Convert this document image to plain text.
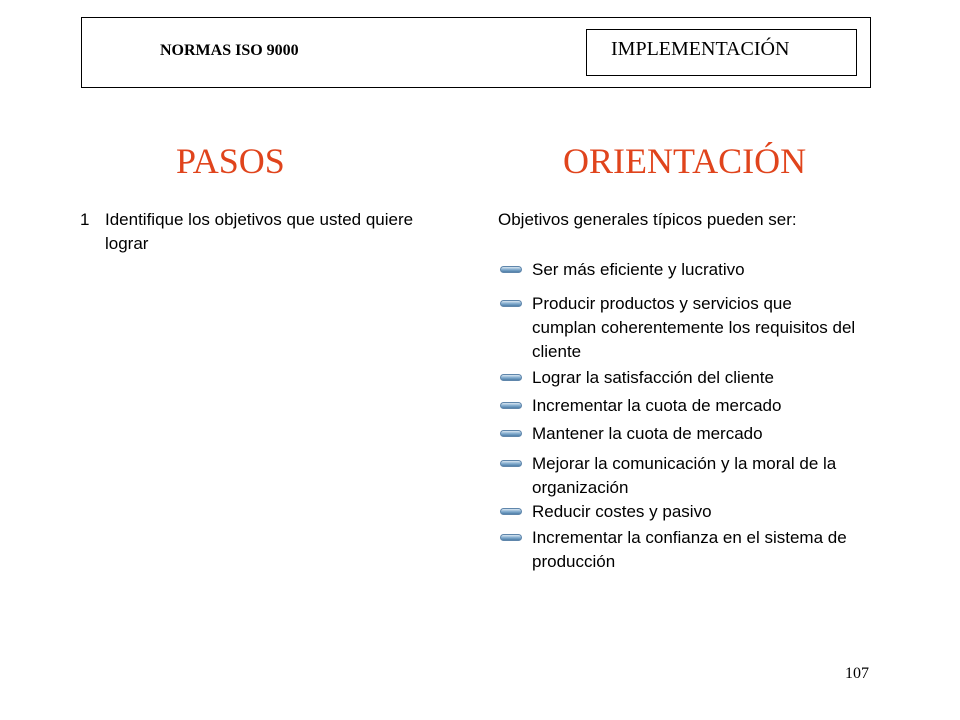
NORMAS ISO 9000	IMPLEMENTACIÓN
PASOS	ORIENTACIÓN
1 Identifique los objetivos que usted quiere lograr
Objetivos generales típicos pueden ser:
Ser más eficiente y lucrativo
Producir productos y servicios que cumplan coherentemente los requisitos del cliente
Lograr la satisfacción del cliente
Incrementar la cuota de mercado
Mantener la cuota de mercado
Mejorar la comunicación y la moral de la organización
Reducir costes y pasivo
Incrementar la confianza en el sistema de producción
107
